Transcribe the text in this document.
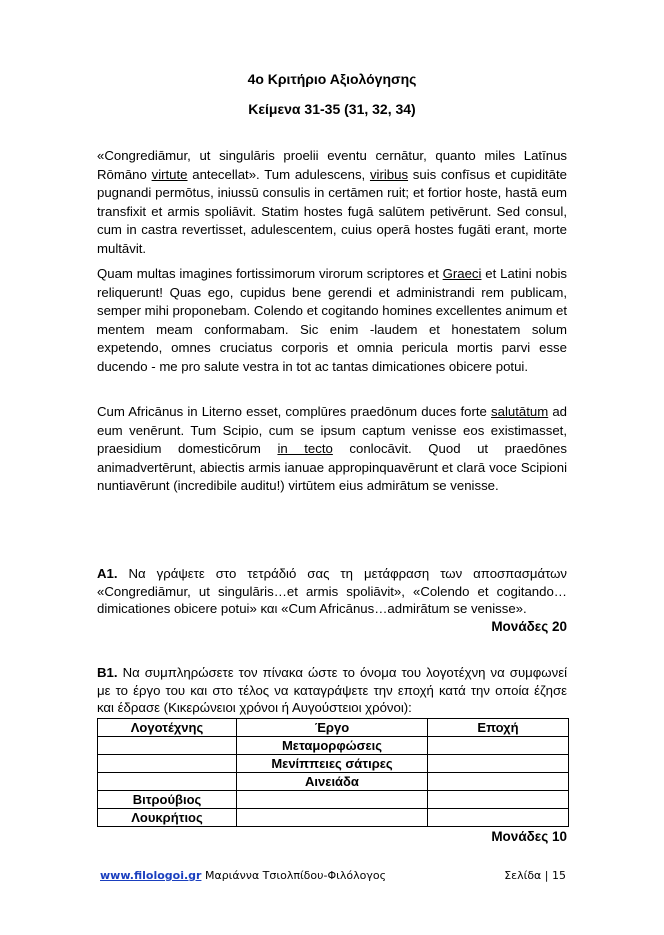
4ο Κριτήριο Αξιολόγησης
Κείμενα 31-35 (31, 32, 34)

«Congrediāmur, ut singulāris proelii eventu cernātur, quanto miles Latīnus Rōmāno virtute antecellat». Tum adulescens, viribus suis confīsus et cupiditāte pugnandi permōtus, iniussū consulis in certāmen ruit; et fortior hoste, hastā eum transfixit et armis spoliāvit. Statim hostes fugā salūtem petivērunt. Sed consul, cum in castra revertisset, adulescentem, cuius operā hostes fugāti erant, morte multāvit.

Quam multas imagines fortissimorum virorum scriptores et Graeci et Latini nobis reliquerunt! Quas ego, cupidus bene gerendi et administrandi rem publicam, semper mihi proponebam. Colendo et cogitando homines excellentes animum et mentem meam conformabam. Sic enim -laudem et honestatem solum expetendo, omnes cruciatus corporis et omnia pericula mortis parvi esse ducendo - me pro salute vestra in tot ac tantas dimicationes obicere potui.

Cum Africānus in Literno esset, complūres praedōnum duces forte salutātum ad eum venērunt. Tum Scipio, cum se ipsum captum venisse eos existimasset, praesidium domesticōrum in tecto conlocāvit. Quod ut praedōnes animadvertērunt, abiectis armis ianuae appropinquavērunt et clarā voce Scipioni nuntiavērunt (incredibile auditu!) virtūtem eius admirātum se venisse.

Α1. Να γράψετε στο τετράδιό σας τη μετάφραση των αποσπασμάτων «Congrediāmur, ut singulāris…et armis spoliāvit», «Colendo et cogitando… dimicationes obicere potui» και «Cum Africānus…admirātum se venisse».
Μονάδες 20
Β1. Να συμπληρώσετε τον πίνακα ώστε το όνομα του λογοτέχνη να συμφωνεί με το έργο του και στο τέλος να καταγράψετε την εποχή κατά την οποία έζησε και έδρασε (Κικερώνειοι χρόνοι ή Αυγούστειοι χρόνοι):
Λογοτέχνης	Έργο	Εποχή
	Μεταμορφώσεις	
	Μενίππειες σάτιρες	
	Αινειάδα	
Βιτρούβιος		
Λουκρήτιος		
Μονάδες 10
www.filologoi.gr Μαριάννα Τσιολπίδου-Φιλόλογος	Σελίδα | 15
